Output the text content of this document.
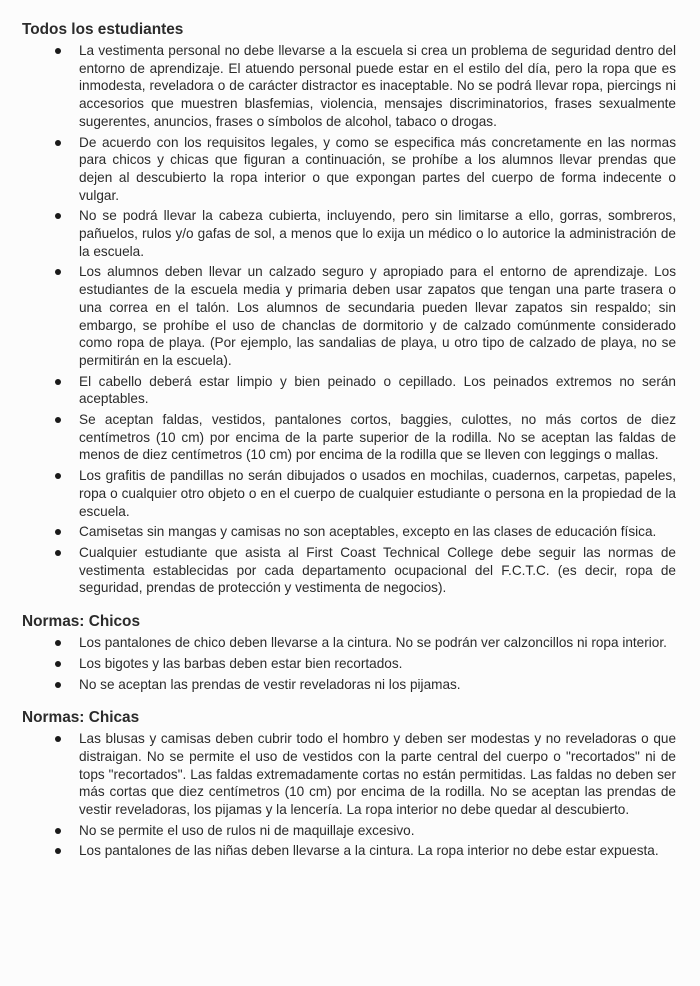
Todos los estudiantes
La vestimenta personal no debe llevarse a la escuela si crea un problema de seguridad dentro del entorno de aprendizaje. El atuendo personal puede estar en el estilo del día, pero la ropa que es inmodesta, reveladora o de carácter distractor es inaceptable. No se podrá llevar ropa, piercings ni accesorios que muestren blasfemias, violencia, mensajes discriminatorios, frases sexualmente sugerentes, anuncios, frases o símbolos de alcohol, tabaco o drogas.
De acuerdo con los requisitos legales, y como se especifica más concretamente en las normas para chicos y chicas que figuran a continuación, se prohíbe a los alumnos llevar prendas que dejen al descubierto la ropa interior o que expongan partes del cuerpo de forma indecente o vulgar.
No se podrá llevar la cabeza cubierta, incluyendo, pero sin limitarse a ello, gorras, sombreros, pañuelos, rulos y/o gafas de sol, a menos que lo exija un médico o lo autorice la administración de la escuela.
Los alumnos deben llevar un calzado seguro y apropiado para el entorno de aprendizaje. Los estudiantes de la escuela media y primaria deben usar zapatos que tengan una parte trasera o una correa en el talón. Los alumnos de secundaria pueden llevar zapatos sin respaldo; sin embargo, se prohíbe el uso de chanclas de dormitorio y de calzado comúnmente considerado como ropa de playa. (Por ejemplo, las sandalias de playa, u otro tipo de calzado de playa, no se permitirán en la escuela).
El cabello deberá estar limpio y bien peinado o cepillado. Los peinados extremos no serán aceptables.
Se aceptan faldas, vestidos, pantalones cortos, baggies, culottes, no más cortos de diez centímetros (10 cm) por encima de la parte superior de la rodilla. No se aceptan las faldas de menos de diez centímetros (10 cm) por encima de la rodilla que se lleven con leggings o mallas.
Los grafitis de pandillas no serán dibujados o usados en mochilas, cuadernos, carpetas, papeles, ropa o cualquier otro objeto o en el cuerpo de cualquier estudiante o persona en la propiedad de la escuela.
Camisetas sin mangas y camisas no son aceptables, excepto en las clases de educación física.
Cualquier estudiante que asista al First Coast Technical College debe seguir las normas de vestimenta establecidas por cada departamento ocupacional del F.C.T.C. (es decir, ropa de seguridad, prendas de protección y vestimenta de negocios).
Normas: Chicos
Los pantalones de chico deben llevarse a la cintura. No se podrán ver calzoncillos ni ropa interior.
Los bigotes y las barbas deben estar bien recortados.
No se aceptan las prendas de vestir reveladoras ni los pijamas.
Normas: Chicas
Las blusas y camisas deben cubrir todo el hombro y deben ser modestas y no reveladoras o que distraigan. No se permite el uso de vestidos con la parte central del cuerpo o "recortados" ni de tops "recortados". Las faldas extremadamente cortas no están permitidas. Las faldas no deben ser más cortas que diez centímetros (10 cm) por encima de la rodilla. No se aceptan las prendas de vestir reveladoras, los pijamas y la lencería. La ropa interior no debe quedar al descubierto.
No se permite el uso de rulos ni de maquillaje excesivo.
Los pantalones de las niñas deben llevarse a la cintura. La ropa interior no debe estar expuesta.
